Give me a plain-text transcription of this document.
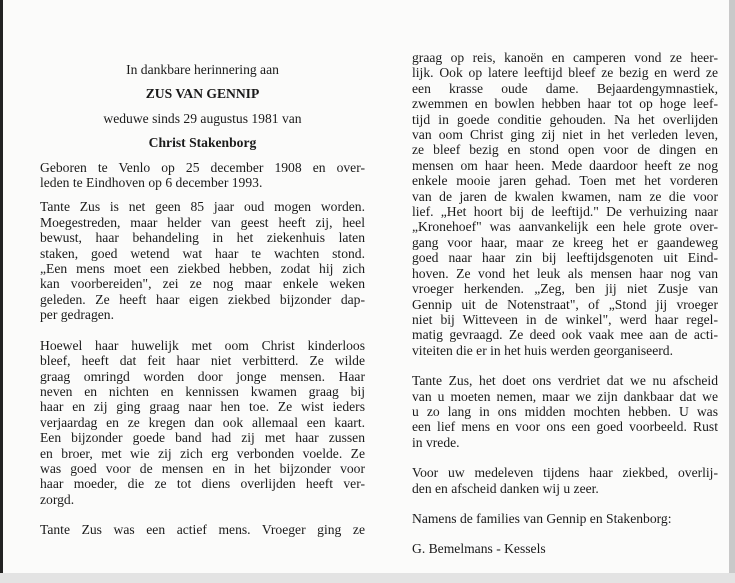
In dankbare herinnering aan

ZUS VAN GENNIP

weduwe sinds 29 augustus 1981 van

Christ Stakenborg

Geboren te Venlo op 25 december 1908 en over-

leden te Eindhoven op 6 december 1993.

Tante Zus is net geen 85 jaar oud mogen worden.

Moegestreden, maar helder van geest heeft zij, heel

bewust, haar behandeling in het ziekenhuis laten

staken, goed wetend wat haar te wachten stond.

„Een mens moet een ziekbed hebben, zodat hij zich

kan voorbereiden", zei ze nog maar enkele weken

geleden. Ze heeft haar eigen ziekbed bijzonder dap-

per gedragen.

Hoewel haar huwelijk met oom Christ kinderloos

bleef, heeft dat feit haar niet verbitterd. Ze wilde

graag omringd worden door jonge mensen. Haar

neven en nichten en kennissen kwamen graag bij

haar en zij ging graag naar hen toe. Ze wist ieders

verjaardag en ze kregen dan ook allemaal een kaart.

Een bijzonder goede band had zij met haar zussen

en broer, met wie zij zich erg verbonden voelde. Ze

was goed voor de mensen en in het bijzonder voor

haar moeder, die ze tot diens overlijden heeft ver-

zorgd.

Tante Zus was een actief mens. Vroeger ging ze

graag op reis, kanoën en camperen vond ze heer-

lijk. Ook op latere leeftijd bleef ze bezig en werd ze

een krasse oude dame. Bejaardengymnastiek,

zwemmen en bowlen hebben haar tot op hoge leef-

tijd in goede conditie gehouden. Na het overlijden

van oom Christ ging zij niet in het verleden leven,

ze bleef bezig en stond open voor de dingen en

mensen om haar heen. Mede daardoor heeft ze nog

enkele mooie jaren gehad. Toen met het vorderen

van de jaren de kwalen kwamen, nam ze die voor

lief. „Het hoort bij de leeftijd." De verhuizing naar

„Kronehoef" was aanvankelijk een hele grote over-

gang voor haar, maar ze kreeg het er gaandeweg

goed naar haar zin bij leeftijdsgenoten uit Eind-

hoven. Ze vond het leuk als mensen haar nog van

vroeger herkenden. „Zeg, ben jij niet Zusje van

Gennip uit de Notenstraat", of „Stond jij vroeger

niet bij Witteveen in de winkel", werd haar regel-

matig gevraagd. Ze deed ook vaak mee aan de acti-

viteiten die er in het huis werden georganiseerd.

Tante Zus, het doet ons verdriet dat we nu afscheid

van u moeten nemen, maar we zijn dankbaar dat we

u zo lang in ons midden mochten hebben. U was

een lief mens en voor ons een goed voorbeeld. Rust

in vrede.

Voor uw medeleven tijdens haar ziekbed, overlij-

den en afscheid danken wij u zeer.

Namens de families van Gennip en Stakenborg:

G. Bemelmans - Kessels
